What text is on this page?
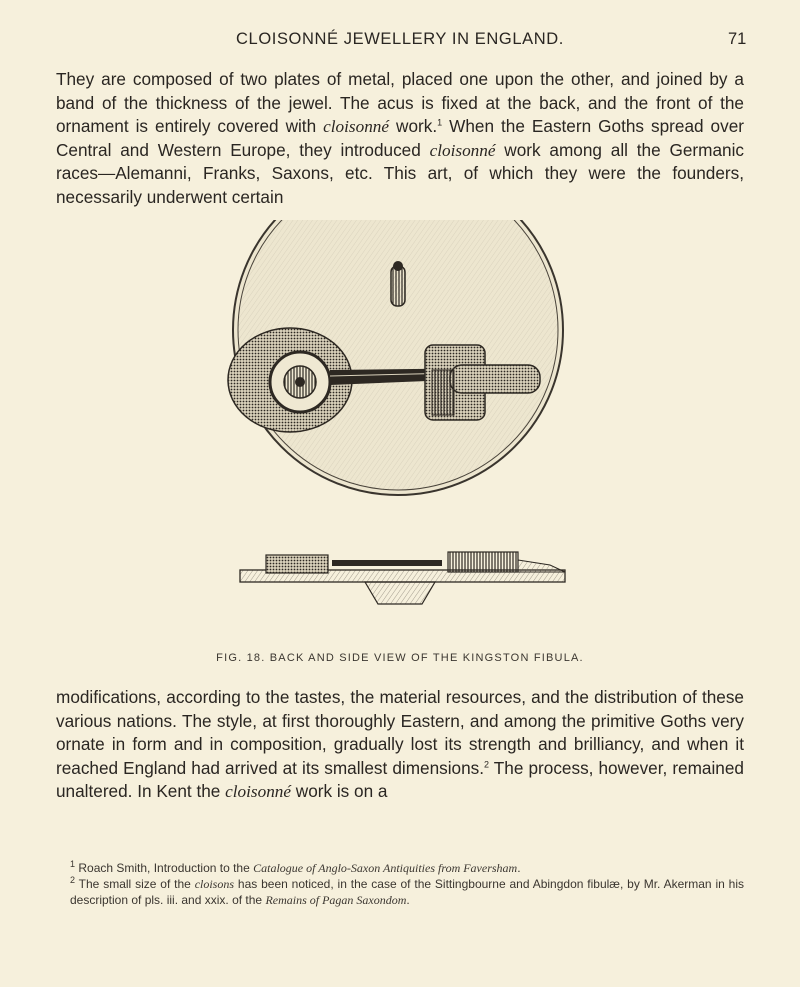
CLOISONNÉ JEWELLERY IN ENGLAND.	71

They are composed of two plates of metal, placed one upon the other, and joined by a band of the thickness of the jewel. The acus is fixed at the back, and the front of the ornament is entirely covered with cloisonné work.$^1$ When the Eastern Goths spread over Central and Western Europe, they introduced cloisonné work among all the Germanic races—Alemanni, Franks, Saxons, etc. This art, of which they were the founders, necessarily underwent certain

FIG. 18. BACK AND SIDE VIEW OF THE KINGSTON FIBULA.

modifications, according to the tastes, the material resources, and the distribution of these various nations. The style, at first thoroughly Eastern, and among the primitive Goths very ornate in form and in composition, gradually lost its strength and brilliancy, and when it reached England had arrived at its smallest dimensions.$^2$ The process, however, remained unaltered. In Kent the cloisonné work is on a

$^1$ Roach Smith, Introduction to the Catalogue of Anglo-Saxon Antiquities from Faversham.

$^2$ The small size of the cloisons has been noticed, in the case of the Sittingbourne and Abingdon fibulæ, by Mr. Akerman in his description of pls. iii. and xxix. of the Remains of Pagan Saxondom.
